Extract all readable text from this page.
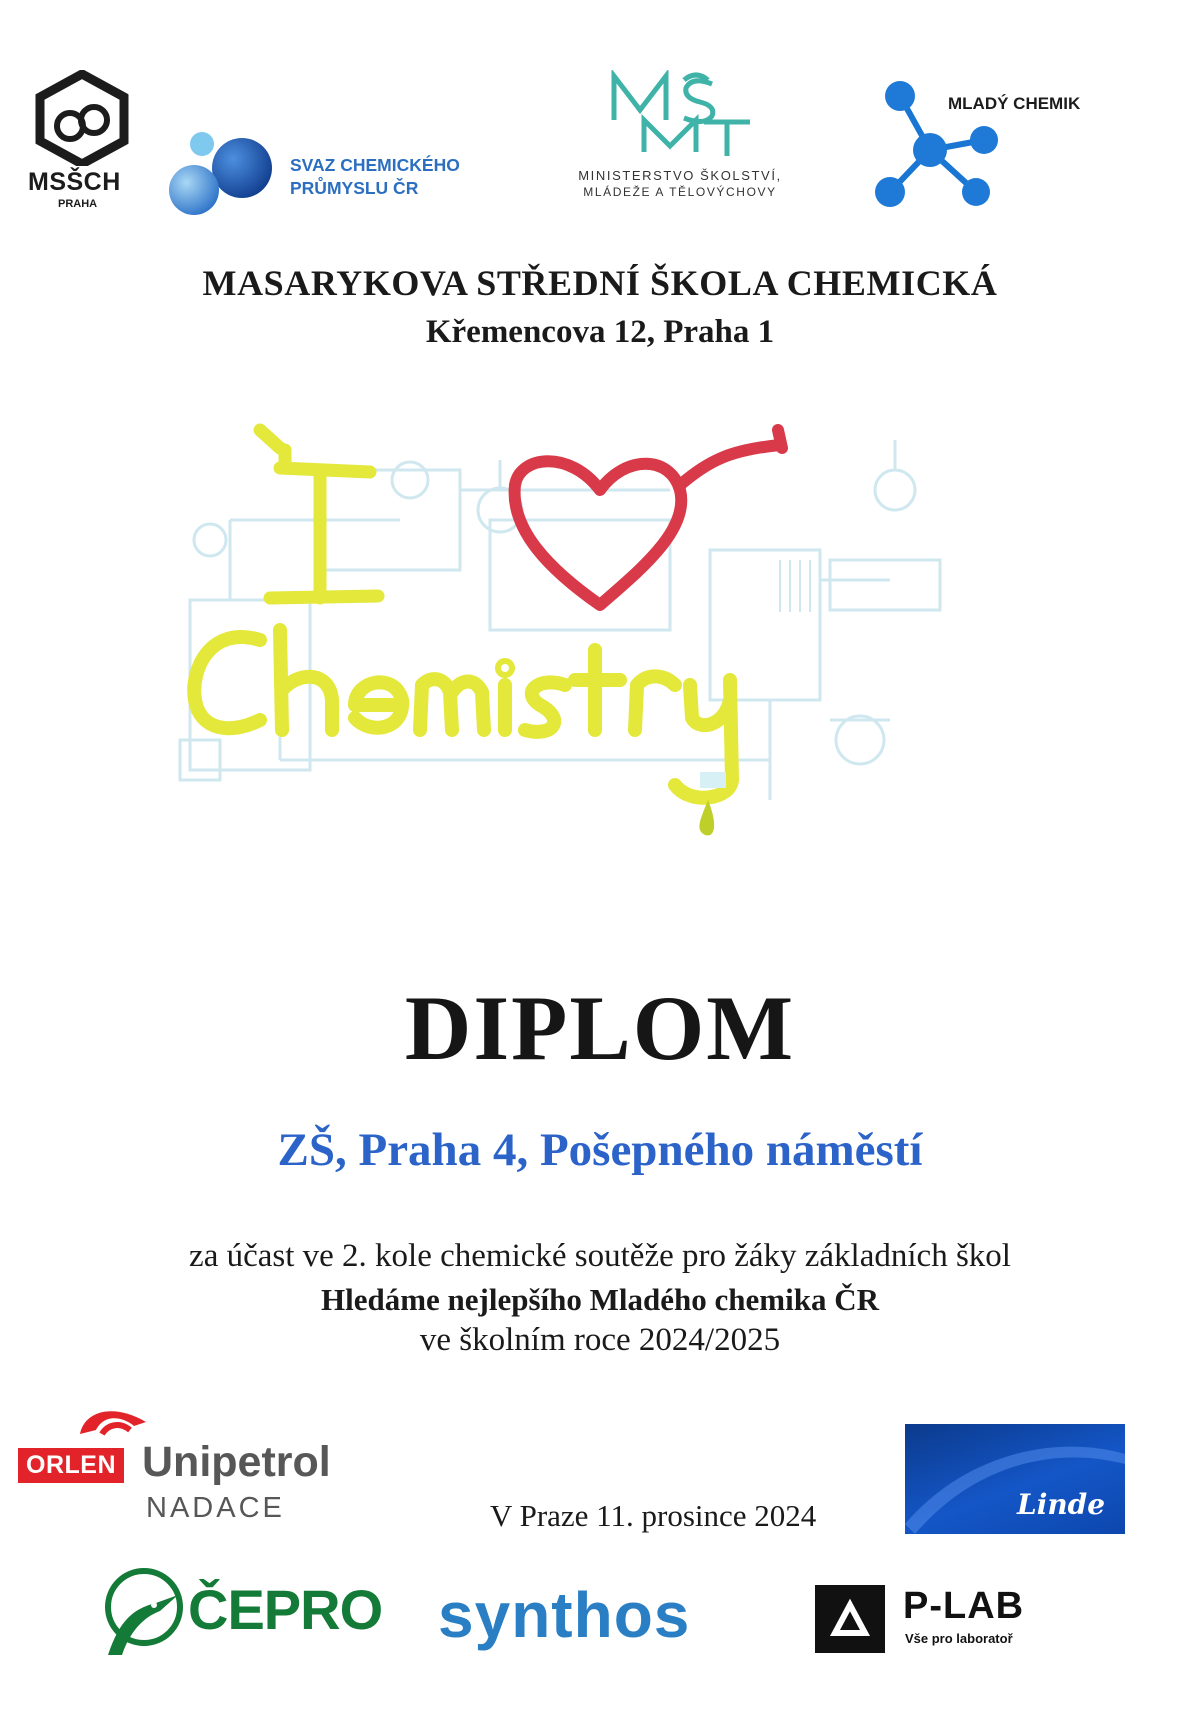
MSŠCH
PRAHA
SVAZ CHEMICKÉHO
PRŮMYSLU ČR
MINISTERSTVO ŠKOLSTVÍ,
MLÁDEŽE A TĚLOVÝCHOVY
MLADÝ CHEMIK
MASARYKOVA STŘEDNÍ ŠKOLA CHEMICKÁ
Křemencova 12, Praha 1
DIPLOM
ZŠ, Praha 4, Pošepného náměstí
za účast ve 2. kole chemické soutěže pro žáky základních škol
Hledáme nejlepšího Mladého chemika ČR
ve školním roce 2024/2025
ORLEN Unipetrol
NADACE	V Praze 11. prosince 2024	Linde
ČEPRO synthos	P-LAB
Vše pro laboratoř
